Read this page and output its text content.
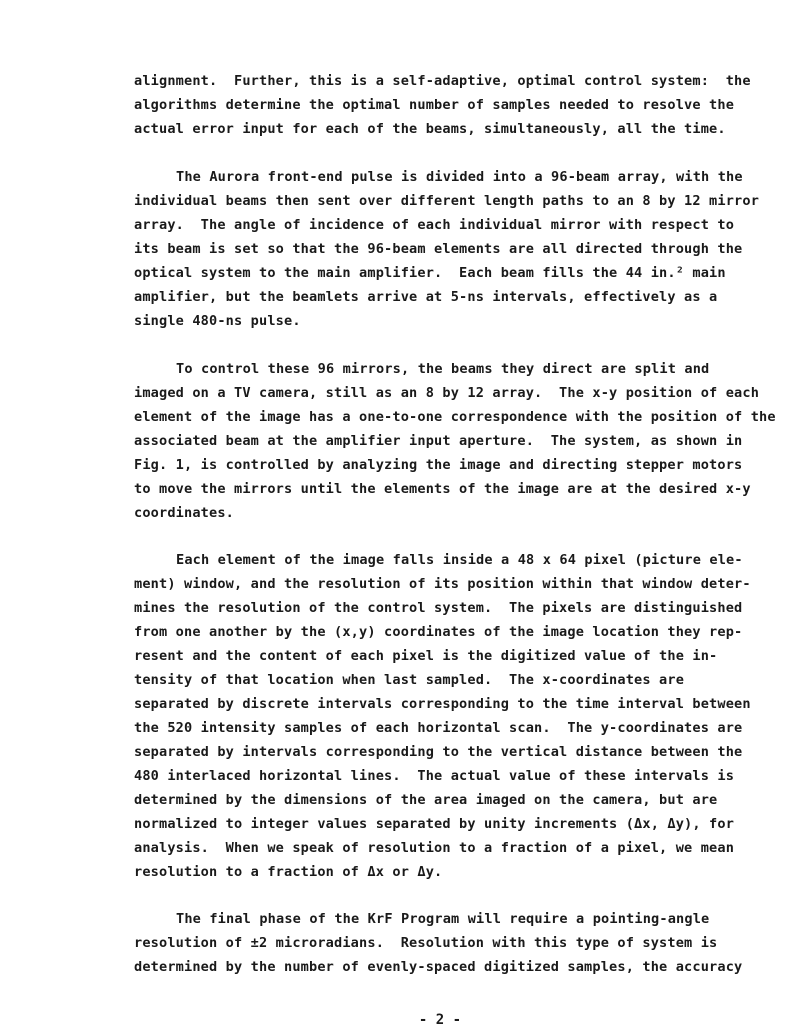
alignment.  Further, this is a self-adaptive, optimal control system:  the
algorithms determine the optimal number of samples needed to resolve the
actual error input for each of the beams, simultaneously, all the time.
The Aurora front-end pulse is divided into a 96-beam array, with the
individual beams then sent over different length paths to an 8 by 12 mirror
array.  The angle of incidence of each individual mirror with respect to
its beam is set so that the 96-beam elements are all directed through the
optical system to the main amplifier.  Each beam fills the 44 in.² main
amplifier, but the beamlets arrive at 5-ns intervals, effectively as a
single 480-ns pulse.
To control these 96 mirrors, the beams they direct are split and
imaged on a TV camera, still as an 8 by 12 array.  The x-y position of each
element of the image has a one-to-one correspondence with the position of the
associated beam at the amplifier input aperture.  The system, as shown in
Fig. 1, is controlled by analyzing the image and directing stepper motors
to move the mirrors until the elements of the image are at the desired x-y
coordinates.
Each element of the image falls inside a 48 x 64 pixel (picture ele-
ment) window, and the resolution of its position within that window deter-
mines the resolution of the control system.  The pixels are distinguished
from one another by the (x,y) coordinates of the image location they rep-
resent and the content of each pixel is the digitized value of the in-
tensity of that location when last sampled.  The x-coordinates are
separated by discrete intervals corresponding to the time interval between
the 520 intensity samples of each horizontal scan.  The y-coordinates are
separated by intervals corresponding to the vertical distance between the
480 interlaced horizontal lines.  The actual value of these intervals is
determined by the dimensions of the area imaged on the camera, but are
normalized to integer values separated by unity increments (Δx, Δy), for
analysis.  When we speak of resolution to a fraction of a pixel, we mean
resolution to a fraction of Δx or Δy.
The final phase of the KrF Program will require a pointing-angle
resolution of ±2 microradians.  Resolution with this type of system is
determined by the number of evenly-spaced digitized samples, the accuracy
- 2 -
